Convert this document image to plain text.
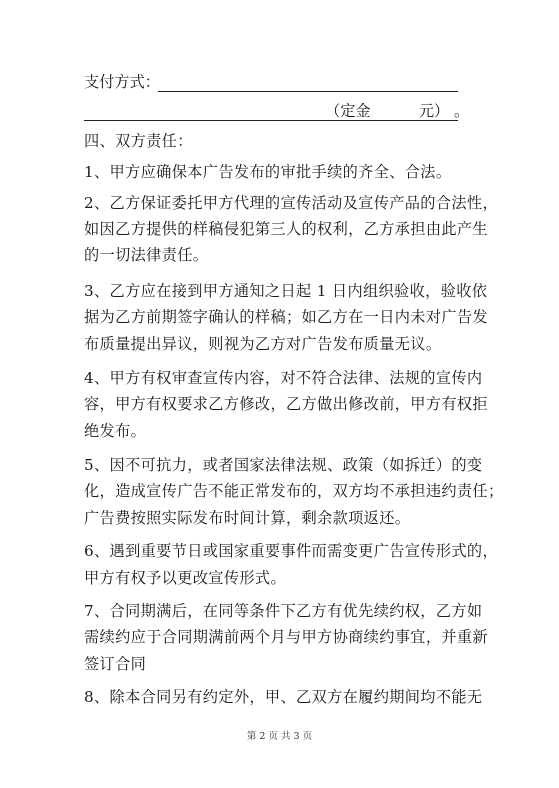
支付方式：
（定金          元） 。
四、双方责任：
1、甲方应确保本广告发布的审批手续的齐全、合法。
2、乙方保证委托甲方代理的宣传活动及宣传产品的合法性，
如因乙方提供的样稿侵犯第三人的权利，乙方承担由此产生
的一切法律责任。
3、乙方应在接到甲方通知之日起 1 日内组织验收，验收依
据为乙方前期签字确认的样稿；如乙方在一日内未对广告发
布质量提出异议，则视为乙方对广告发布质量无议。
4、甲方有权审查宣传内容，对不符合法律、法规的宣传内
容，甲方有权要求乙方修改，乙方做出修改前，甲方有权拒
绝发布。
5、因不可抗力，或者国家法律法规、政策（如拆迁）的变
化，造成宣传广告不能正常发布的，双方均不承担违约责任；
广告费按照实际发布时间计算，剩余款项返还。
6、遇到重要节日或国家重要事件而需变更广告宣传形式的，
甲方有权予以更改宣传形式。
7、合同期满后，在同等条件下乙方有优先续约权，乙方如
需续约应于合同期满前两个月与甲方协商续约事宜，并重新
签订合同
8、除本合同另有约定外，甲、乙双方在履约期间均不能无
第 2 页 共 3 页
